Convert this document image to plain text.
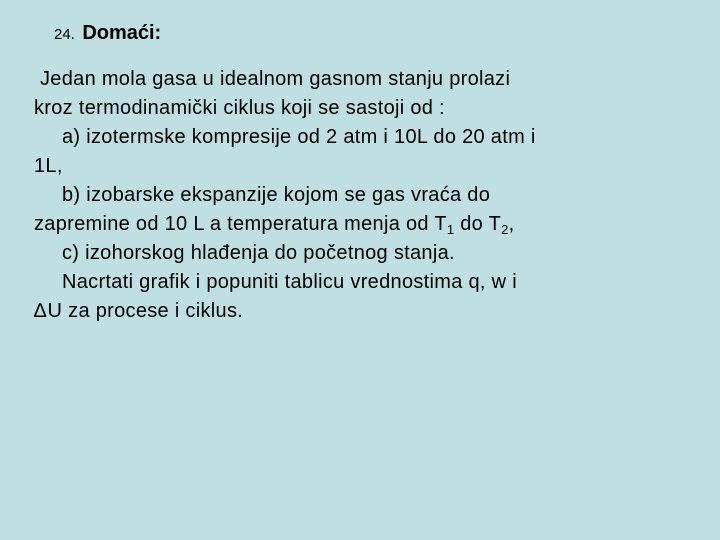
24. Domaći:
Jedan mola gasa u idealnom gasnom stanju prolazi
kroz termodinamički ciklus koji se sastoji od :
a) izotermske kompresije od 2 atm i 10L do 20 atm i
1L,
b) izobarske ekspanzije kojom se gas vraća do
zapremine od 10 L a temperatura menja od $T_1$ do $T_2$,
c) izohorskog hlađenja do početnog stanja.
Nacrtati grafik i popuniti tablicu vrednostima q, w i
∆U za procese i ciklus.
